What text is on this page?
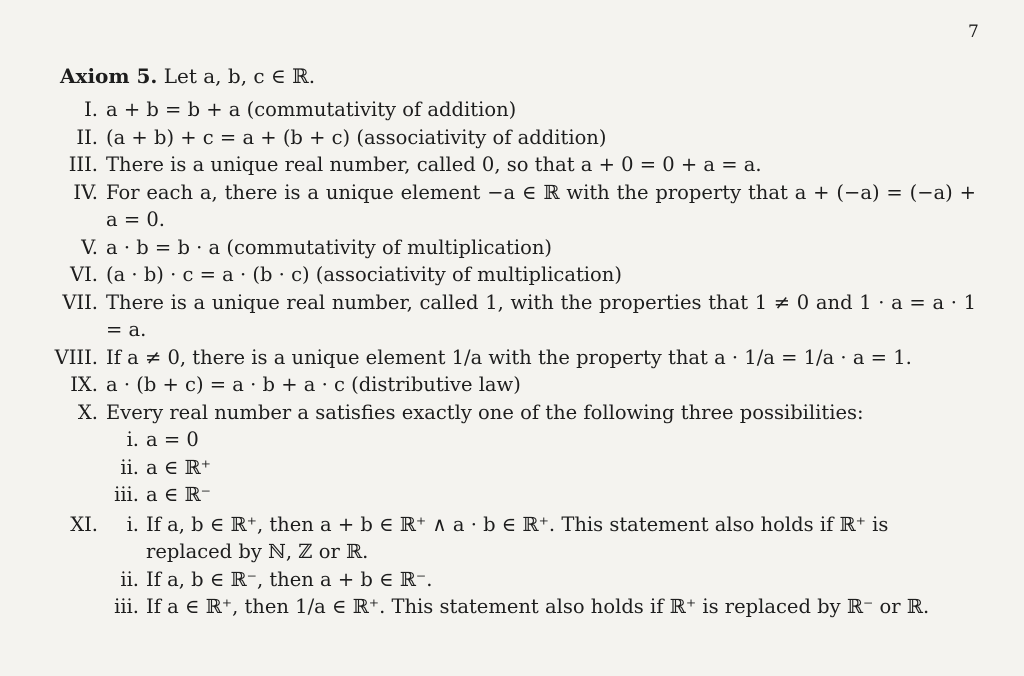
7
Axiom 5. Let a, b, c ∈ ℝ.
I. a + b = b + a (commutativity of addition)
II. (a + b) + c = a + (b + c) (associativity of addition)
III. There is a unique real number, called 0, so that a + 0 = 0 + a = a.
IV. For each a, there is a unique element −a ∈ ℝ with the property that a + (−a) = (−a) + a = 0.
V. a · b = b · a (commutativity of multiplication)
VI. (a · b) · c = a · (b · c) (associativity of multiplication)
VII. There is a unique real number, called 1, with the properties that 1 ≠ 0 and 1 · a = a · 1 = a.
VIII. If a ≠ 0, there is a unique element 1/a with the property that a · 1/a = 1/a · a = 1.
IX. a · (b + c) = a · b + a · c (distributive law)
X. Every real number a satisfies exactly one of the following three possibilities:
i. a = 0
ii. a ∈ ℝ⁺
iii. a ∈ ℝ⁻
XI.	i. If a, b ∈ ℝ⁺, then a + b ∈ ℝ⁺ ∧ a · b ∈ ℝ⁺. This statement also holds if ℝ⁺ is replaced by ℕ, ℤ or ℝ.
ii. If a, b ∈ ℝ⁻, then a + b ∈ ℝ⁻.
iii. If a ∈ ℝ⁺, then 1/a ∈ ℝ⁺. This statement also holds if ℝ⁺ is replaced by ℝ⁻ or ℝ.
